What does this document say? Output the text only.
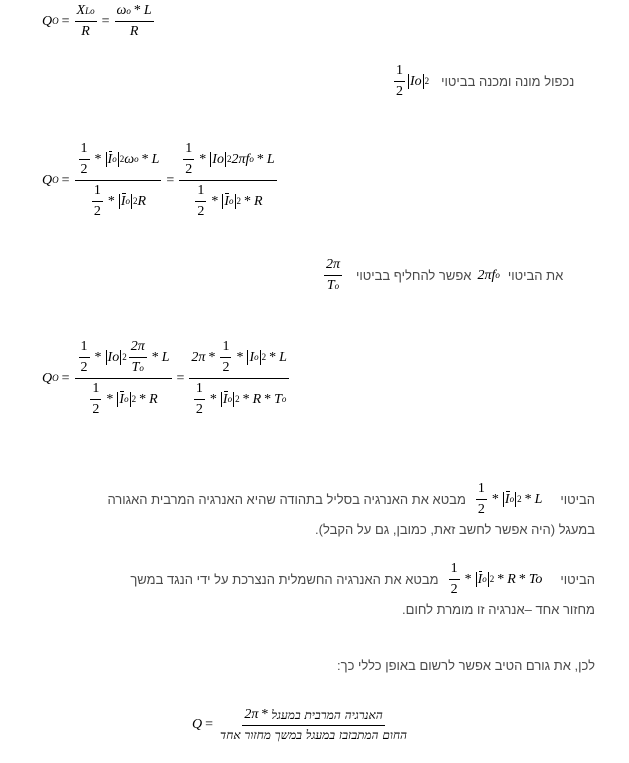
Q $O = \frac{\text{X Lo}}{R} = \frac{\text{ω o * L}}{R}$
$\frac{1}{2}$ Io 2 נכפול מונה ומכנה בביטוי
Q $O = \frac{\frac{1}{2} * I o 2 \omega o * L}{\frac{1}{2} * I o 2 R} = \frac{\frac{1}{2} * Io 2 2\pi f o * L}{\frac{1}{2} * I o 2 * R}$
$\frac{2\pi}{\text{T o}}$ אפשר להחליף בביטוי 2πf o את הביטוי
Q $O = \frac{\frac{1}{2} * Io 2 \frac{2\pi}{\text{T o}} * L}{\frac{1}{2} * I o 2 * R} = \frac{2\pi * \frac{1}{2} * I o 2 * L}{\frac{1}{2} * I o 2 * R * T o}$
מבטא את האנרגיה בסליל בתהודה שהיא האנרגיה המרבית האגורה $\frac{1}{2}$ * I o 2 * L הביטוי
במעגל (היה אפשר לחשב זאת, כמובן, גם על הקבל).
מבטא את האנרגיה החשמלית הנצרכת על ידי הנגד במשך $\frac{1}{2}$ * I o 2 * R * To הביטוי
מחזור אחד –אנרגיה זו מומרת לחום.
לכן, את גורם הטיב אפשר לרשום באופן כללי כך:
$Q = \frac{\text{2π * האנרגיה המרבית במעגל}}{\text{החום המתבזבז במעגל במשך מחזור אחד}}$
